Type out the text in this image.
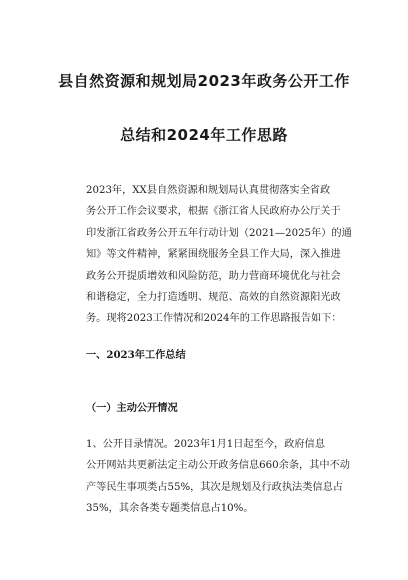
县自然资源和规划局2023年政务公开工作
总结和2024年工作思路

2023年，XX县自然资源和规划局认真贯彻落实全省政
务公开工作会议要求，根据《浙江省人民政府办公厅关于
印发浙江省政务公开五年行动计划（2021—2025年）的通
知》等文件精神，紧紧围绕服务全县工作大局，深入推进
政务公开提质增效和风险防范，助力营商环境优化与社会
和谐稳定，全力打造透明、规范、高效的自然资源阳光政
务。现将2023工作情况和2024年的工作思路报告如下：

一、2023年工作总结
（一）主动公开情况

1、公开目录情况。2023年1月1日起至今，政府信息
公开网站共更新法定主动公开政务信息660余条，其中不动
产等民生事项类占55%，其次是规划及行政执法类信息占
35%，其余各类专题类信息占10%。
